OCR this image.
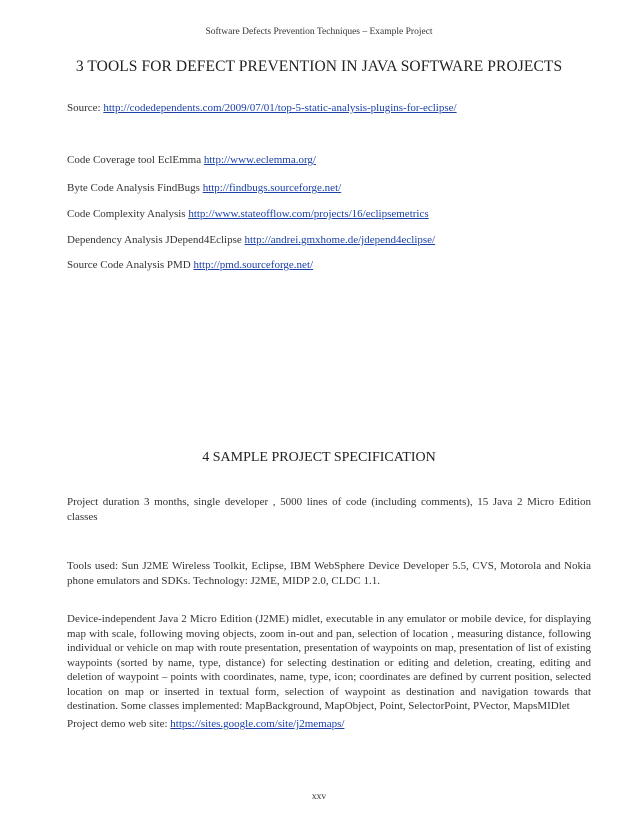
Software Defects Prevention Techniques – Example Project
3 TOOLS FOR DEFECT PREVENTION IN JAVA SOFTWARE PROJECTS
Source: http://codedependents.com/2009/07/01/top-5-static-analysis-plugins-for-eclipse/
Code Coverage tool EclEmma http://www.eclemma.org/
Byte Code Analysis FindBugs http://findbugs.sourceforge.net/
Code Complexity Analysis http://www.stateofflow.com/projects/16/eclipsemetrics
Dependency Analysis JDepend4Eclipse http://andrei.gmxhome.de/jdepend4eclipse/
Source Code Analysis PMD http://pmd.sourceforge.net/
4 SAMPLE PROJECT SPECIFICATION
Project duration 3 months, single developer , 5000 lines of code (including comments), 15 Java 2 Micro Edition classes
Tools used: Sun J2ME Wireless Toolkit, Eclipse, IBM WebSphere Device Developer 5.5, CVS, Motorola and Nokia phone emulators and SDKs. Technology: J2ME, MIDP 2.0, CLDC 1.1.
Device-independent Java 2 Micro Edition (J2ME) midlet, executable in any emulator or mobile device, for displaying map with scale, following moving objects, zoom in-out and pan, selection of location , measuring distance, following individual or vehicle on map with route presentation, presentation of waypoints on map, presentation of list of existing waypoints (sorted by name, type, distance) for selecting destination or editing and deletion, creating, editing and deletion of waypoint – points with coordinates, name, type, icon; coordinates are defined by current position, selected location on map or inserted in textual form, selection of waypoint as destination and navigation towards that destination. Some classes implemented: MapBackground, MapObject, Point, SelectorPoint, PVector, MapsMIDlet
Project demo web site: https://sites.google.com/site/j2memaps/
xxv
